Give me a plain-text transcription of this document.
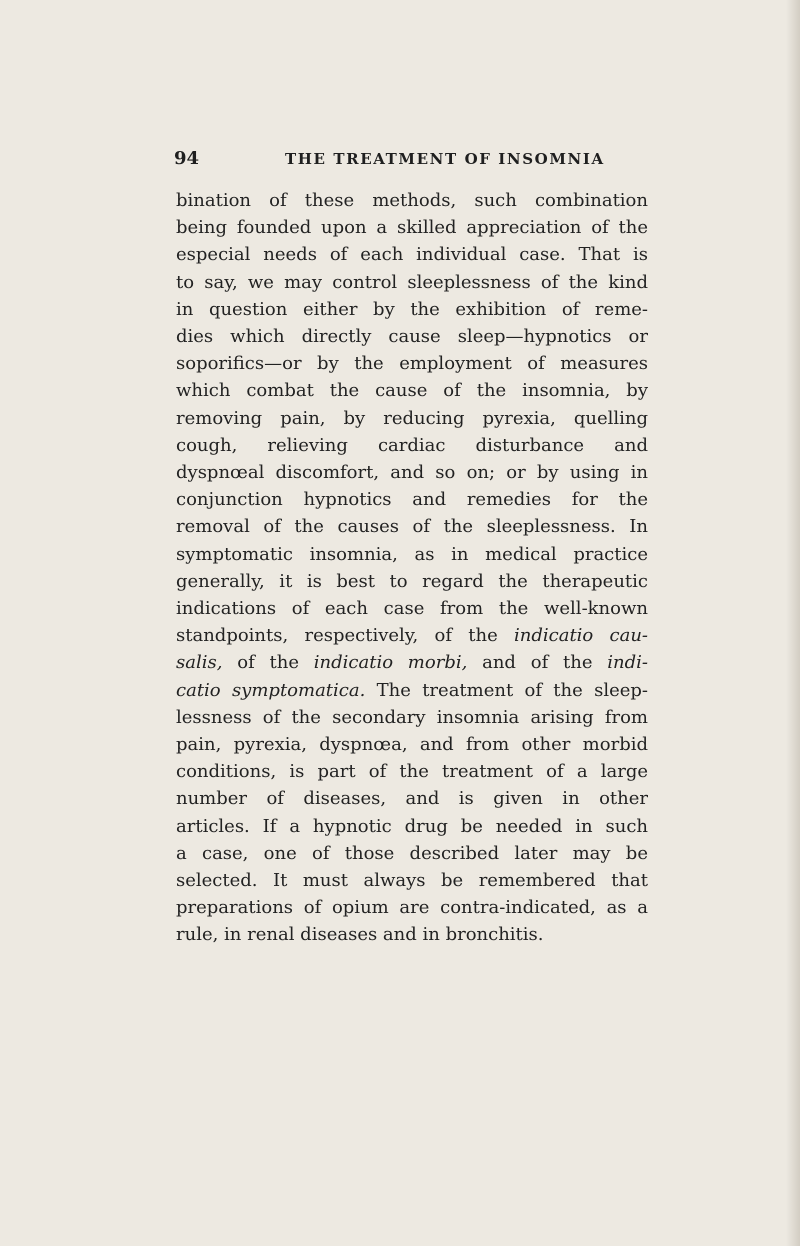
94	THE TREATMENT OF INSOMNIA
bination of these methods, such combination
being founded upon a skilled appreciation of the
especial needs of each individual case. That is
to say, we may control sleeplessness of the kind
in question either by the exhibition of reme-
dies which directly cause sleep—hypnotics or
soporifics—or by the employment of measures
which combat the cause of the insomnia, by
removing pain, by reducing pyrexia, quelling
cough, relieving cardiac disturbance and
dyspnœal discomfort, and so on; or by using in
conjunction hypnotics and remedies for the
removal of the causes of the sleeplessness. In
symptomatic insomnia, as in medical practice
generally, it is best to regard the therapeutic
indications of each case from the well-known
standpoints, respectively, of the indicatio cau-
salis, of the indicatio morbi, and of the indi-
catio symptomatica. The treatment of the sleep-
lessness of the secondary insomnia arising from
pain, pyrexia, dyspnœa, and from other morbid
conditions, is part of the treatment of a large
number of diseases, and is given in other
articles. If a hypnotic drug be needed in such
a case, one of those described later may be
selected. It must always be remembered that
preparations of opium are contra-indicated, as a
rule, in renal diseases and in bronchitis.
